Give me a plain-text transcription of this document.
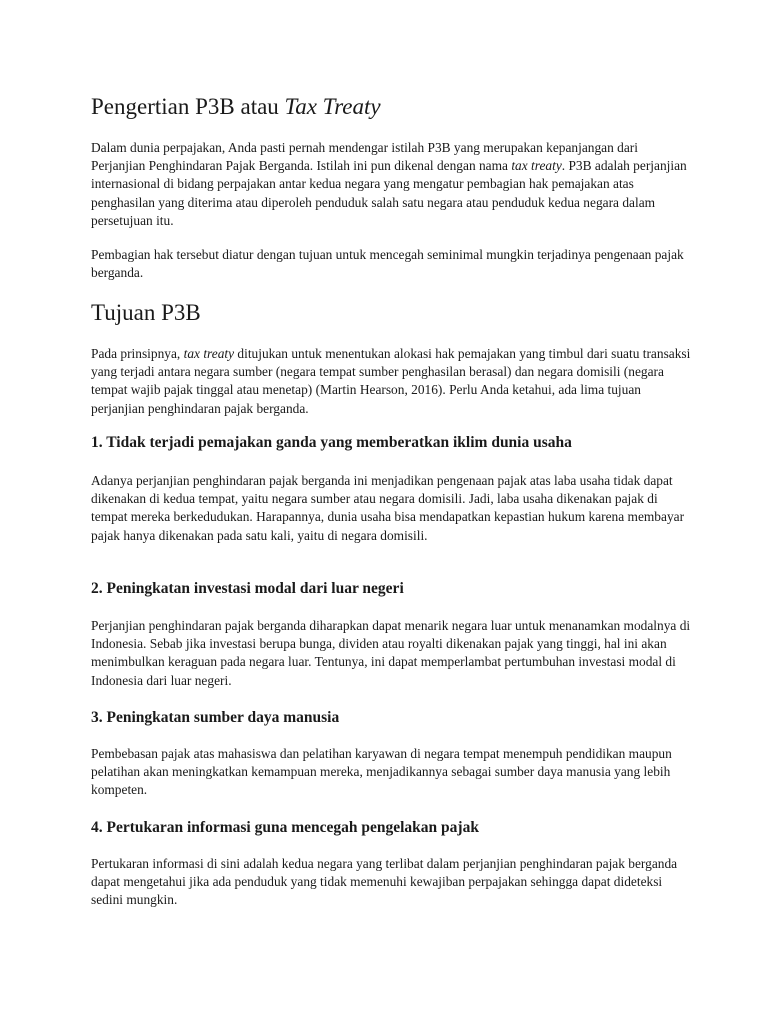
Pengertian P3B atau Tax Treaty

Dalam dunia perpajakan, Anda pasti pernah mendengar istilah P3B yang merupakan kepanjangan dari Perjanjian Penghindaran Pajak Berganda. Istilah ini pun dikenal dengan nama tax treaty. P3B adalah perjanjian internasional di bidang perpajakan antar kedua negara yang mengatur pembagian hak pemajakan atas penghasilan yang diterima atau diperoleh penduduk salah satu negara atau penduduk kedua negara dalam persetujuan itu.

Pembagian hak tersebut diatur dengan tujuan untuk mencegah seminimal mungkin terjadinya pengenaan pajak berganda.

Tujuan P3B

Pada prinsipnya, tax treaty ditujukan untuk menentukan alokasi hak pemajakan yang timbul dari suatu transaksi yang terjadi antara negara sumber (negara tempat sumber penghasilan berasal) dan negara domisili (negara tempat wajib pajak tinggal atau menetap) (Martin Hearson, 2016). Perlu Anda ketahui, ada lima tujuan perjanjian penghindaran pajak berganda.

1. Tidak terjadi pemajakan ganda yang memberatkan iklim dunia usaha

Adanya perjanjian penghindaran pajak berganda ini menjadikan pengenaan pajak atas laba usaha tidak dapat dikenakan di kedua tempat, yaitu negara sumber atau negara domisili. Jadi, laba usaha dikenakan pajak di tempat mereka berkedudukan. Harapannya, dunia usaha bisa mendapatkan kepastian hukum karena membayar pajak hanya dikenakan pada satu kali, yaitu di negara domisili.

2. Peningkatan investasi modal dari luar negeri

Perjanjian penghindaran pajak berganda diharapkan dapat menarik negara luar untuk menanamkan modalnya di Indonesia. Sebab jika investasi berupa bunga, dividen atau royalti dikenakan pajak yang tinggi, hal ini akan menimbulkan keraguan pada negara luar. Tentunya, ini dapat memperlambat pertumbuhan investasi modal di Indonesia dari luar negeri.

3. Peningkatan sumber daya manusia

Pembebasan pajak atas mahasiswa dan pelatihan karyawan di negara tempat menempuh pendidikan maupun pelatihan akan meningkatkan kemampuan mereka, menjadikannya sebagai sumber daya manusia yang lebih kompeten.

4. Pertukaran informasi guna mencegah pengelakan pajak

Pertukaran informasi di sini adalah kedua negara yang terlibat dalam perjanjian penghindaran pajak berganda dapat mengetahui jika ada penduduk yang tidak memenuhi kewajiban perpajakan sehingga dapat dideteksi sedini mungkin.
